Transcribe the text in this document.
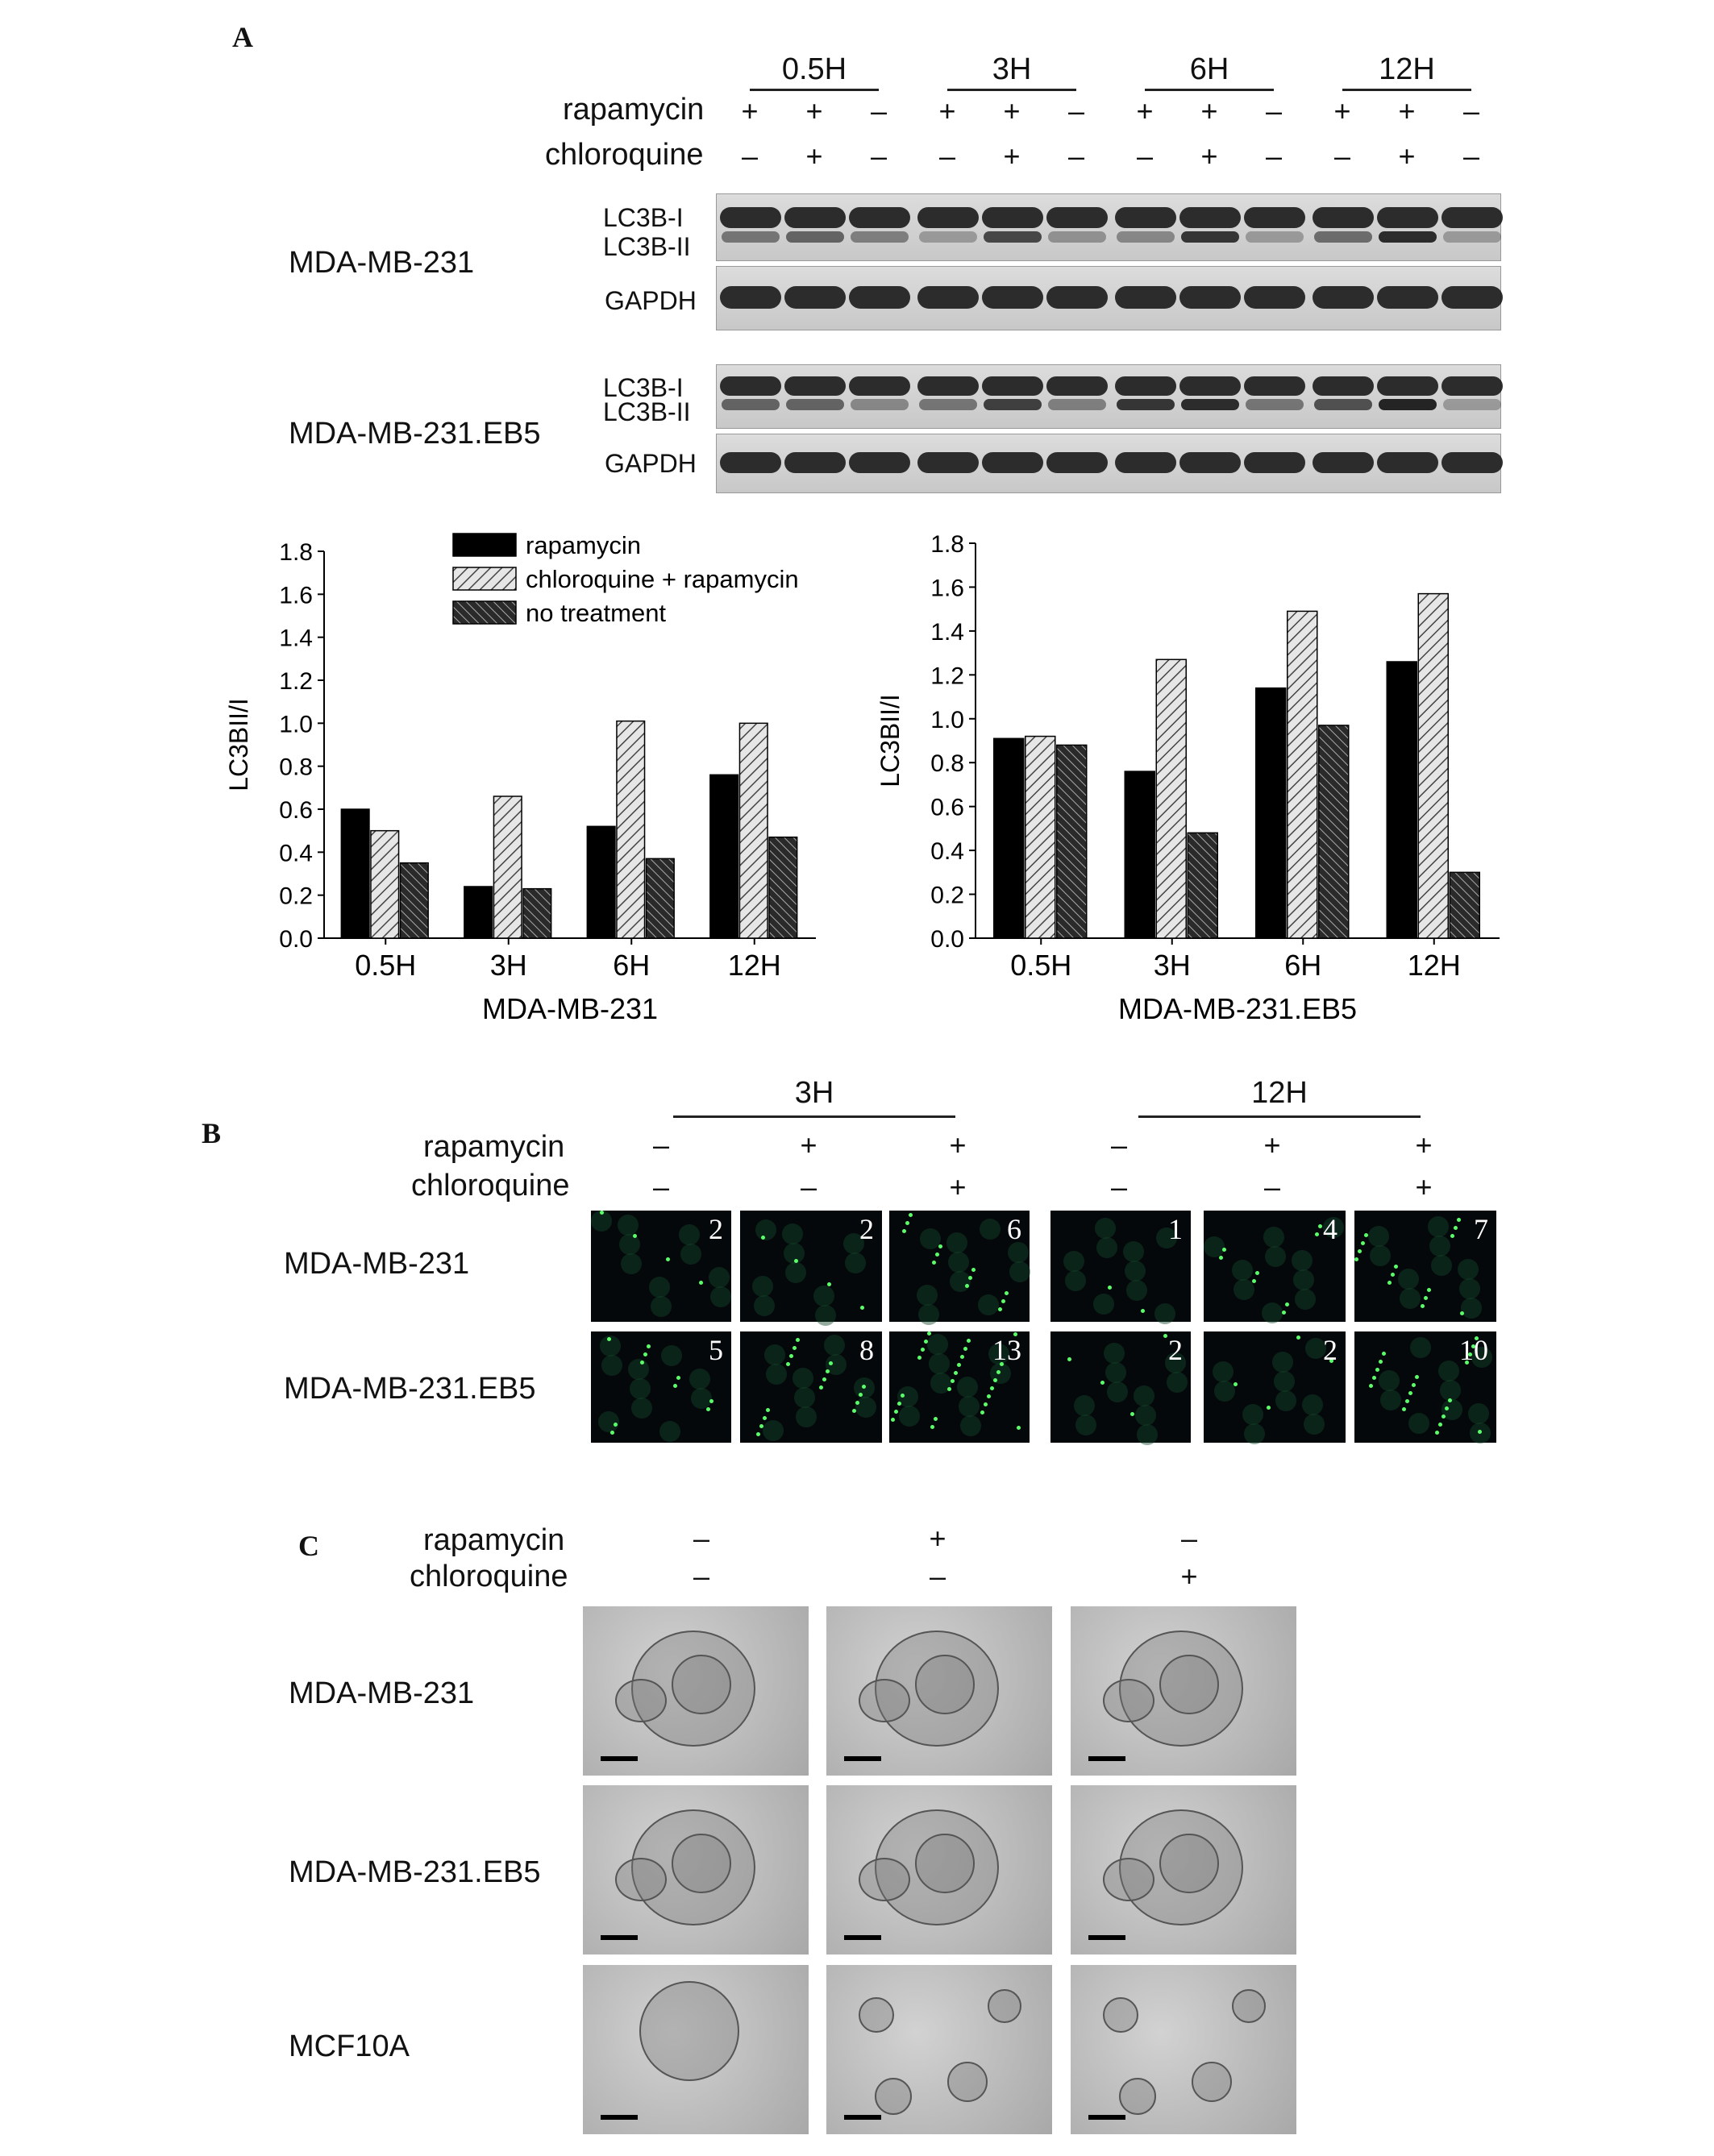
A
0.5H	3H	6H	12H
rapamycin
chloroquine
+	+	–	+	+	–	+	+	–	+	+	–
–	+	–	–	+	–	–	+	–	–	+	–
MDA-MB-231
LC3B-I
LC3B-II
GAPDH
MDA-MB-231.EB5
LC3B-I
LC3B-II
GAPDH
0.0
0.2
0.4
0.6
0.8
1.0
1.2
1.4
1.6
1.8
LC3BII/I
0.5H	3H	6H	12H
MDA-MB-231
rapamycin
chloroquine + rapamycin
no treatment
0.0
0.2
0.4
0.6
0.8
1.0
1.2
1.4
1.6
1.8
LC3BII/I
0.5H	3H	6H	12H
MDA-MB-231.EB5
B
3H	12H
rapamycin
chloroquine
–	+	+	–	+	+
–	–	+	–	–	+
MDA-MB-231
MDA-MB-231.EB5
2	2	6	1	4	7
5	8	13	2	2	10
C	rapamycin
chloroquine
–	+	–
–	–	+
MDA-MB-231
MDA-MB-231.EB5
MCF10A
